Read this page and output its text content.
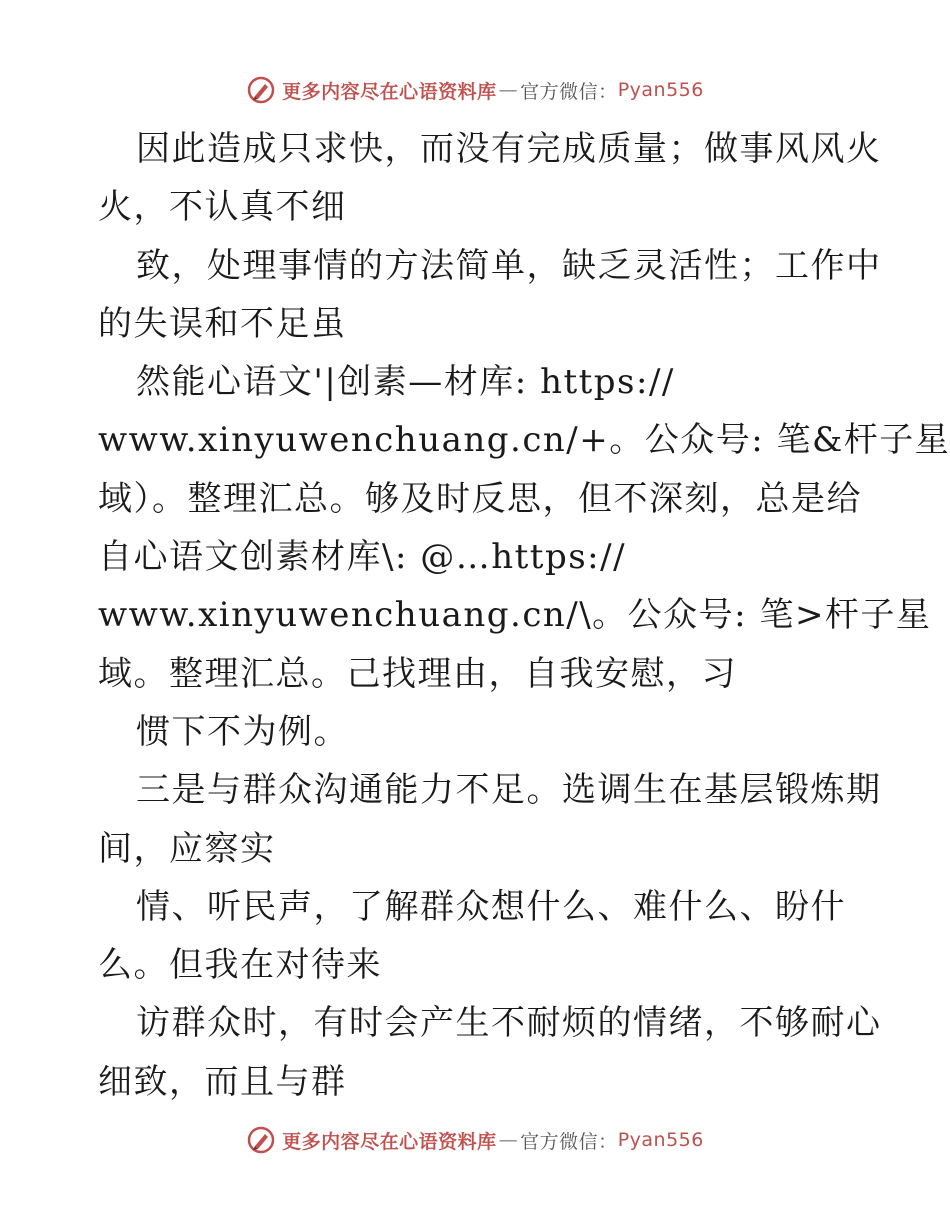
更多内容尽在心语资料库 — 官方微信： Pyan556
因此造成只求快，而没有完成质量；做事风风火
火，不认真不细
致，处理事情的方法简单，缺乏灵活性；工作中
的失误和不足虽
然能心语文'|创素—材库: https://
www.xinyuwenchuang.cn/+。公众号: 笔&杆子星
域）。整理汇总。够及时反思，但不深刻，总是给
自心语文创素材库\: @…https://
www.xinyuwenchuang.cn/\。公众号: 笔>杆子星
域。整理汇总。己找理由，自我安慰，习
惯下不为例。
三是与群众沟通能力不足。选调生在基层锻炼期
间，应察实
情、听民声，了解群众想什么、难什么、盼什
么。但我在对待来
访群众时，有时会产生不耐烦的情绪，不够耐心
细致，而且与群
更多内容尽在心语资料库 — 官方微信： Pyan556
